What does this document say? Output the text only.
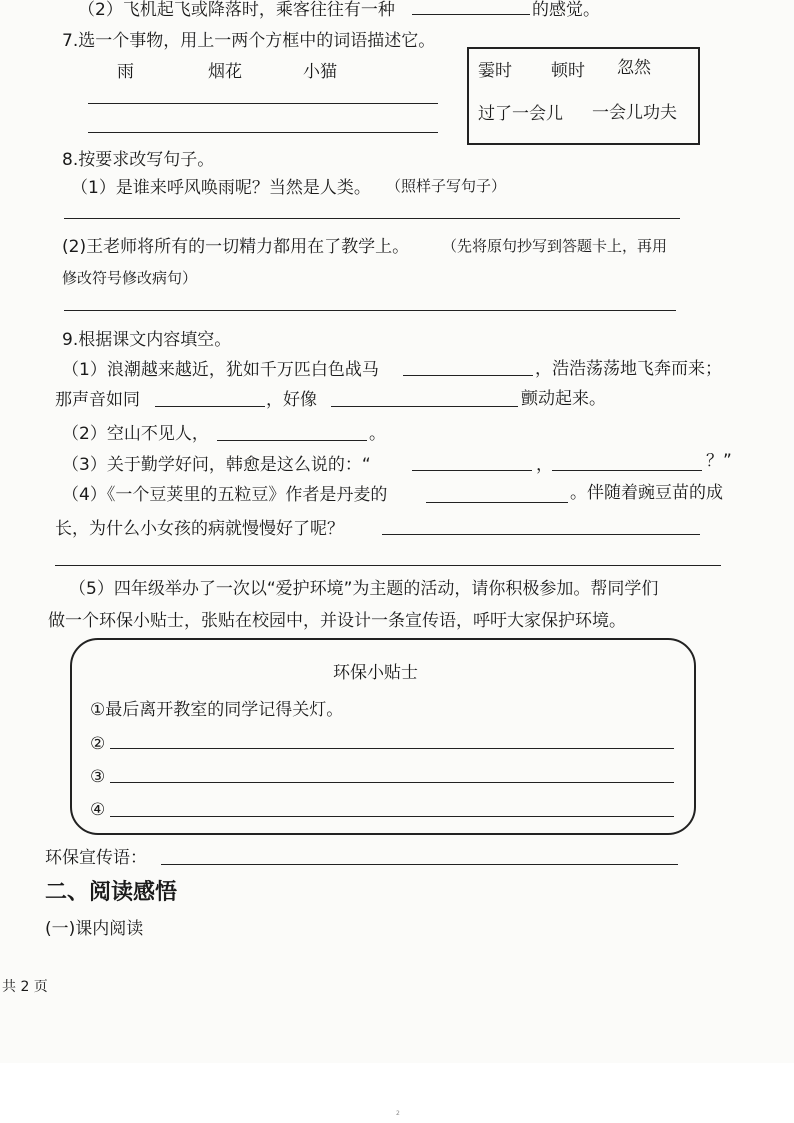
（2）飞机起飞或降落时，乘客往往有一种	的感觉。
7.选一个事物，用上一两个方框中的词语描述它。
雨	烟花	小猫	霎时 顿时 忽然
过了一会儿 一会儿功夫
8.按要求改写句子。
（1）是谁来呼风唤雨呢？当然是人类。 （照样子写句子）
(2)王老师将所有的一切精力都用在了教学上。 （先将原句抄写到答题卡上，再用
修改符号修改病句）
9.根据课文内容填空。
（1）浪潮越来越近，犹如千万匹白色战马	，浩浩荡荡地飞奔而来；
那声音如同	，好像	颤动起来。
（2）空山不见人，	。
（3）关于勤学好问，韩愈是这么说的：“	，	？”
（4）《一个豆荚里的五粒豆》作者是丹麦的	。伴随着豌豆苗的成
长，为什么小女孩的病就慢慢好了呢？
（5）四年级举办了一次以“爱护环境”为主题的活动，请你积极参加。帮同学们
做一个环保小贴士，张贴在校园中，并设计一条宣传语，呼吁大家保护环境。
环保小贴士
①最后离开教室的同学记得关灯。
②
③
④
环保宣传语：
二、阅读感悟
(一)课内阅读
共 2 页
2
